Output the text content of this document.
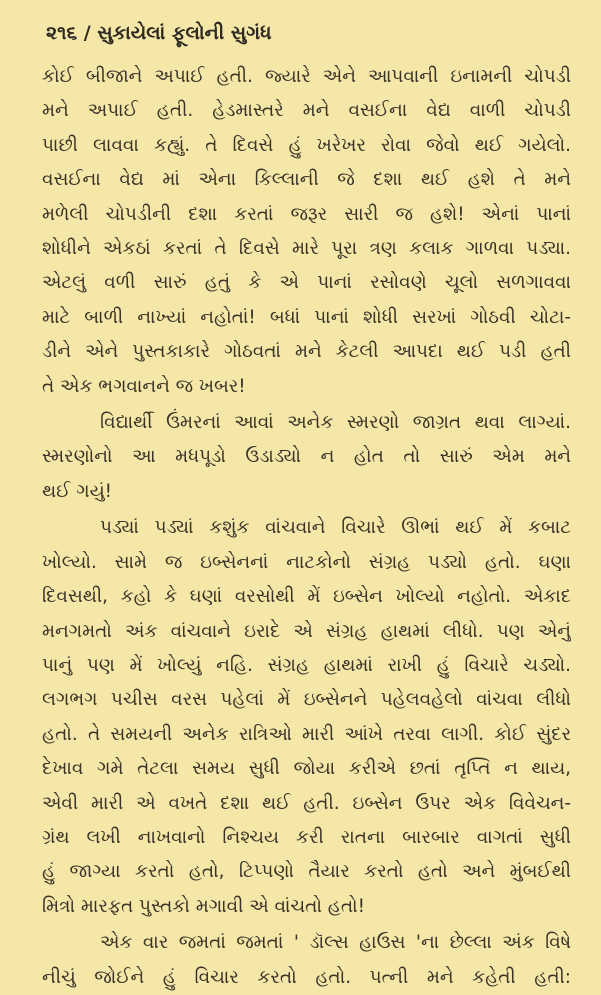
૨૧૬ / સુકાયેલાં ફૂલોની સુગંધ

કોઈ બીજાને અપાઈ હતી. જ્યારે એને આપવાની ઇનામની ચોપડી
મને અપાઈ હતી. હેડમાસ્તરે મને વસઈના વેદ્ય વાળી ચોપડી
પાછી લાવવા કહ્યું. તે દિવસે હું ખરેખર રોવા જેવો થઈ ગયેલો.
વસઈના વેદ્ય માં એના કિલ્લાની જે દશા થઈ હશે તે મને
મળેલી ચોપડીની દશા કરતાં જરૂર સારી જ હશે! એનાં પાનાં
શોધીને એકઠાં કરતાં તે દિવસે મારે પૂરા ત્રણ કલાક ગાળવા પડ્યા.
એટલું વળી સારું હતું કે એ પાનાં રસોવણે ચૂલો સળગાવવા
માટે બાળી નાખ્યાં નહોતાં! બધાં પાનાં શોધી સરખાં ગોઠવી ચોટા-
ડીને એને પુસ્તકાકારે ગોઠવતાં મને કેટલી આપદા થઈ પડી હતી
તે એક ભગવાનને જ ખબર!

વિદ્યાર્થી ઉંમરનાં આવાં અનેક સ્મરણો જાગ્રત થવા લાગ્યાં.
સ્મરણોનો આ મધપૂડો ઉડાડ્યો ન હોત તો સારું એમ મને
થઈ ગયું!

પડ્યાં પડ્યાં કશુંક વાંચવાને વિચારે ઊભાં થઈ મેં કબાટ
ખોલ્યો. સામે જ ઇબ્સેનનાં નાટકોનો સંગ્રહ પડ્યો હતો. ઘણા
દિવસથી, કહો કે ઘણાં વરસોથી મેં ઇબ્સેન ખોલ્યો નહોતો. એકાદ
મનગમતો અંક વાંચવાને ઇરાદે એ સંગ્રહ હાથમાં લીધો. પણ એનું
પાનું પણ મેં ખોલ્યું નહિ. સંગ્રહ હાથમાં રાખી હું વિચારે ચડ્યો.
લગભગ પચીસ વરસ પહેલાં મેં ઇબ્સેનને પહેલવહેલો વાંચવા લીધો
હતો. તે સમયની અનેક રાત્રિઓ મારી આંખે તરવા લાગી. કોઈ સુંદર
દેખાવ ગમે તેટલા સમય સુધી જોયા કરીએ છતાં તૃપ્તિ ન થાય,
એવી મારી એ વખતે દશા થઈ હતી. ઇબ્સેન ઉપર એક વિવેચન-
ગ્રંથ લખી નાખવાનો નિશ્ચય કરી રાતના બારબાર વાગતાં સુધી
હું જાગ્યા કરતો હતો, ટિપ્પણો તૈયાર કરતો હતો અને મુંબઈથી
મિત્રો મારફત પુસ્તકો મગાવી એ વાંચતો હતો!

એક વાર જમતાં જમતાં ' ડૉલ્સ હાઉસ 'ના છેલ્લા અંક વિષે
નીચું જોઈને હું વિચાર કરતો હતો. પત્ની મને કહેતી હતી:
